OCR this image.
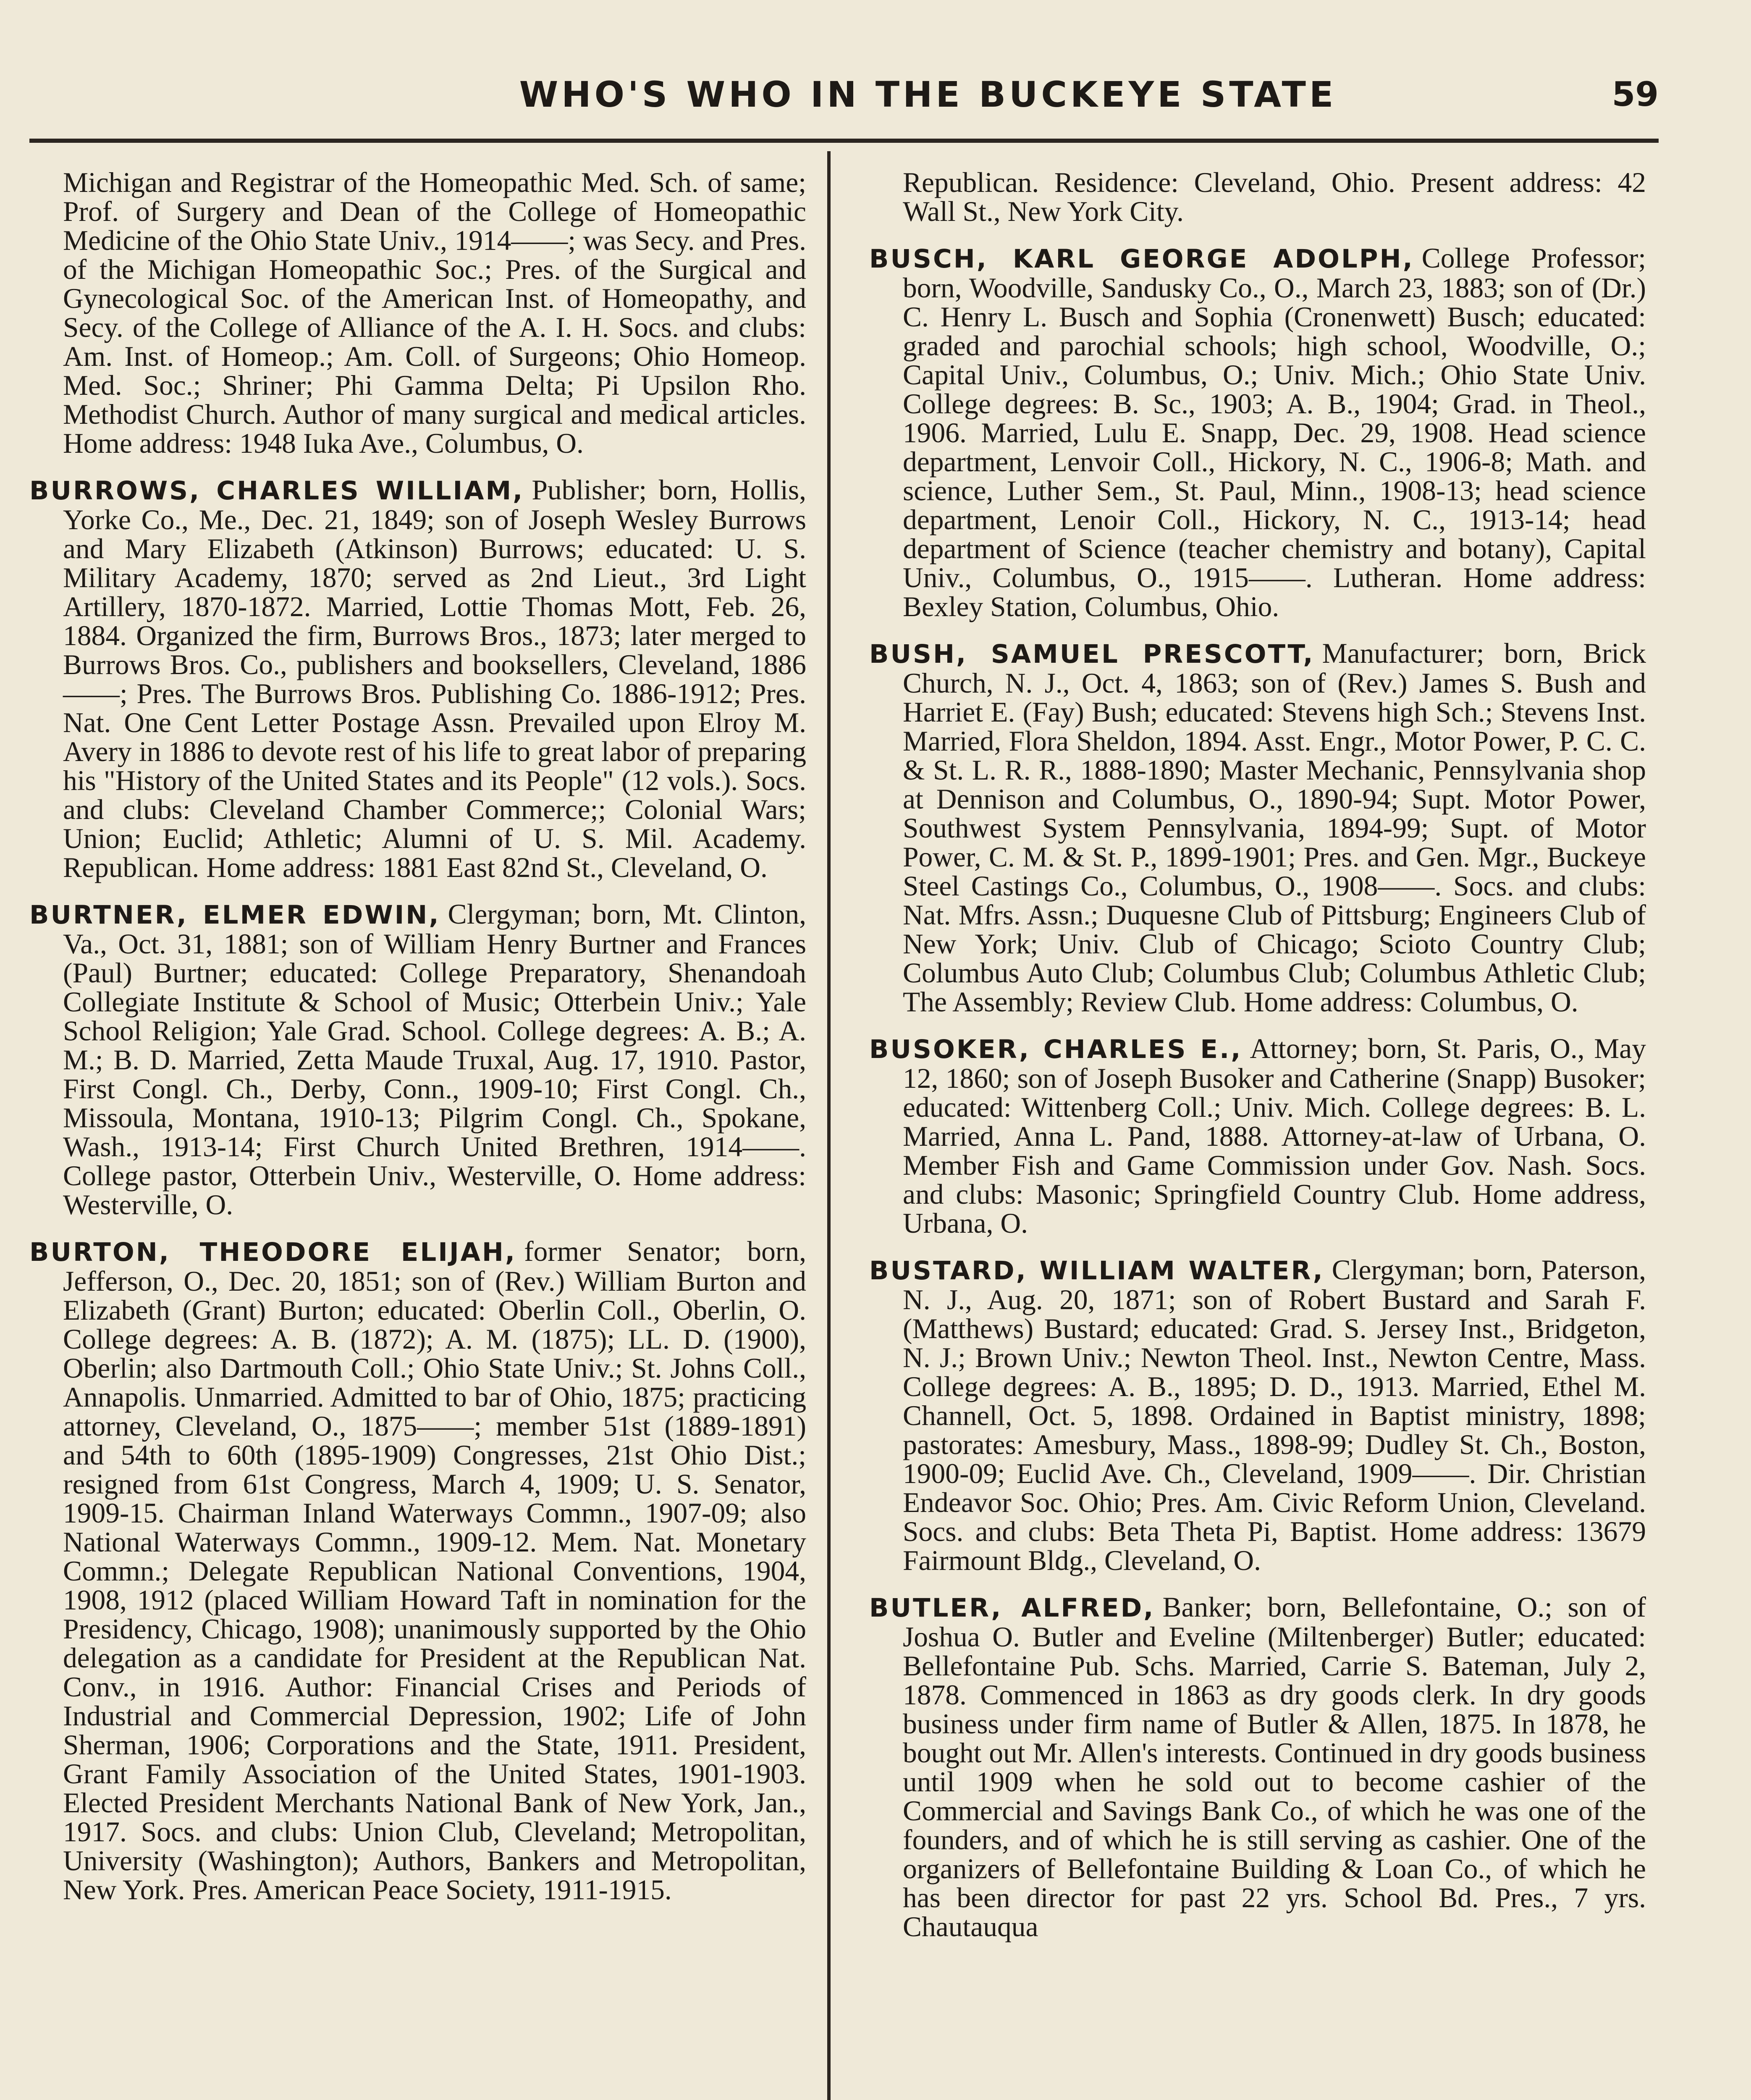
WHO'S WHO IN THE BUCKEYE STATE	59

Michigan and Registrar of the Homeopathic Med. Sch. of same; Prof. of Surgery and Dean of the College of Homeopathic Medicine of the Ohio State Univ., 1914——; was Secy. and Pres. of the Michigan Homeopathic Soc.; Pres. of the Surgical and Gynecological Soc. of the American Inst. of Homeopathy, and Secy. of the College of Alliance of the A. I. H. Socs. and clubs: Am. Inst. of Homeop.; Am. Coll. of Surgeons; Ohio Homeop. Med. Soc.; Shriner; Phi Gamma Delta; Pi Upsilon Rho. Methodist Church. Author of many surgical and medical articles. Home address: 1948 Iuka Ave., Columbus, O.

BURROWS, CHARLES WILLIAM, Publisher; born, Hollis, Yorke Co., Me., Dec. 21, 1849; son of Joseph Wesley Burrows and Mary Elizabeth (Atkinson) Burrows; educated: U. S. Military Academy, 1870; served as 2nd Lieut., 3rd Light Artillery, 1870-1872. Married, Lottie Thomas Mott, Feb. 26, 1884. Organized the firm, Burrows Bros., 1873; later merged to Burrows Bros. Co., publishers and booksellers, Cleveland, 1886——; Pres. The Burrows Bros. Publishing Co. 1886-1912; Pres. Nat. One Cent Letter Postage Assn. Prevailed upon Elroy M. Avery in 1886 to devote rest of his life to great labor of preparing his "History of the United States and its People" (12 vols.). Socs. and clubs: Cleveland Chamber Commerce;; Colonial Wars; Union; Euclid; Athletic; Alumni of U. S. Mil. Academy. Republican. Home address: 1881 East 82nd St., Cleveland, O.

BURTNER, ELMER EDWIN, Clergyman; born, Mt. Clinton, Va., Oct. 31, 1881; son of William Henry Burtner and Frances (Paul) Burtner; educated: College Preparatory, Shenandoah Collegiate Institute & School of Music; Otterbein Univ.; Yale School Religion; Yale Grad. School. College degrees: A. B.; A. M.; B. D. Married, Zetta Maude Truxal, Aug. 17, 1910. Pastor, First Congl. Ch., Derby, Conn., 1909-10; First Congl. Ch., Missoula, Montana, 1910-13; Pilgrim Congl. Ch., Spokane, Wash., 1913-14; First Church United Brethren, 1914——. College pastor, Otterbein Univ., Westerville, O. Home address: Westerville, O.

BURTON, THEODORE ELIJAH, former Senator; born, Jefferson, O., Dec. 20, 1851; son of (Rev.) William Burton and Elizabeth (Grant) Burton; educated: Oberlin Coll., Oberlin, O. College degrees: A. B. (1872); A. M. (1875); LL. D. (1900), Oberlin; also Dartmouth Coll.; Ohio State Univ.; St. Johns Coll., Annapolis. Unmarried. Admitted to bar of Ohio, 1875; practicing attorney, Cleveland, O., 1875——; member 51st (1889-1891) and 54th to 60th (1895-1909) Congresses, 21st Ohio Dist.; resigned from 61st Congress, March 4, 1909; U. S. Senator, 1909-15. Chairman Inland Waterways Commn., 1907-09; also National Waterways Commn., 1909-12. Mem. Nat. Monetary Commn.; Delegate Republican National Conventions, 1904, 1908, 1912 (placed William Howard Taft in nomination for the Presidency, Chicago, 1908); unanimously supported by the Ohio delegation as a candidate for President at the Republican Nat. Conv., in 1916. Author: Financial Crises and Periods of Industrial and Commercial Depression, 1902; Life of John Sherman, 1906; Corporations and the State, 1911. President, Grant Family Association of the United States, 1901-1903. Elected President Merchants National Bank of New York, Jan., 1917. Socs. and clubs: Union Club, Cleveland; Metropolitan, University (Washington); Authors, Bankers and Metropolitan, New York. Pres. American Peace Society, 1911-1915.

Republican. Residence: Cleveland, Ohio. Present address: 42 Wall St., New York City.

BUSCH, KARL GEORGE ADOLPH, College Professor; born, Woodville, Sandusky Co., O., March 23, 1883; son of (Dr.) C. Henry L. Busch and Sophia (Cronenwett) Busch; educated: graded and parochial schools; high school, Woodville, O.; Capital Univ., Columbus, O.; Univ. Mich.; Ohio State Univ. College degrees: B. Sc., 1903; A. B., 1904; Grad. in Theol., 1906. Married, Lulu E. Snapp, Dec. 29, 1908. Head science department, Lenvoir Coll., Hickory, N. C., 1906-8; Math. and science, Luther Sem., St. Paul, Minn., 1908-13; head science department, Lenoir Coll., Hickory, N. C., 1913-14; head department of Science (teacher chemistry and botany), Capital Univ., Columbus, O., 1915——. Lutheran. Home address: Bexley Station, Columbus, Ohio.

BUSH, SAMUEL PRESCOTT, Manufacturer; born, Brick Church, N. J., Oct. 4, 1863; son of (Rev.) James S. Bush and Harriet E. (Fay) Bush; educated: Stevens high Sch.; Stevens Inst. Married, Flora Sheldon, 1894. Asst. Engr., Motor Power, P. C. C. & St. L. R. R., 1888-1890; Master Mechanic, Pennsylvania shop at Dennison and Columbus, O., 1890-94; Supt. Motor Power, Southwest System Pennsylvania, 1894-99; Supt. of Motor Power, C. M. & St. P., 1899-1901; Pres. and Gen. Mgr., Buckeye Steel Castings Co., Columbus, O., 1908——. Socs. and clubs: Nat. Mfrs. Assn.; Duquesne Club of Pittsburg; Engineers Club of New York; Univ. Club of Chicago; Scioto Country Club; Columbus Auto Club; Columbus Club; Columbus Athletic Club; The Assembly; Review Club. Home address: Columbus, O.

BUSOKER, CHARLES E., Attorney; born, St. Paris, O., May 12, 1860; son of Joseph Busoker and Catherine (Snapp) Busoker; educated: Wittenberg Coll.; Univ. Mich. College degrees: B. L. Married, Anna L. Pand, 1888. Attorney-at-law of Urbana, O. Member Fish and Game Commission under Gov. Nash. Socs. and clubs: Masonic; Springfield Country Club. Home address, Urbana, O.

BUSTARD, WILLIAM WALTER, Clergyman; born, Paterson, N. J., Aug. 20, 1871; son of Robert Bustard and Sarah F. (Matthews) Bustard; educated: Grad. S. Jersey Inst., Bridgeton, N. J.; Brown Univ.; Newton Theol. Inst., Newton Centre, Mass. College degrees: A. B., 1895; D. D., 1913. Married, Ethel M. Channell, Oct. 5, 1898. Ordained in Baptist ministry, 1898; pastorates: Amesbury, Mass., 1898-99; Dudley St. Ch., Boston, 1900-09; Euclid Ave. Ch., Cleveland, 1909——. Dir. Christian Endeavor Soc. Ohio; Pres. Am. Civic Reform Union, Cleveland. Socs. and clubs: Beta Theta Pi, Baptist. Home address: 13679 Fairmount Bldg., Cleveland, O.

BUTLER, ALFRED, Banker; born, Bellefontaine, O.; son of Joshua O. Butler and Eveline (Miltenberger) Butler; educated: Bellefontaine Pub. Schs. Married, Carrie S. Bateman, July 2, 1878. Commenced in 1863 as dry goods clerk. In dry goods business under firm name of Butler & Allen, 1875. In 1878, he bought out Mr. Allen's interests. Continued in dry goods business until 1909 when he sold out to become cashier of the Commercial and Savings Bank Co., of which he was one of the founders, and of which he is still serving as cashier. One of the organizers of Bellefontaine Building & Loan Co., of which he has been director for past 22 yrs. School Bd. Pres., 7 yrs. Chautauqua
